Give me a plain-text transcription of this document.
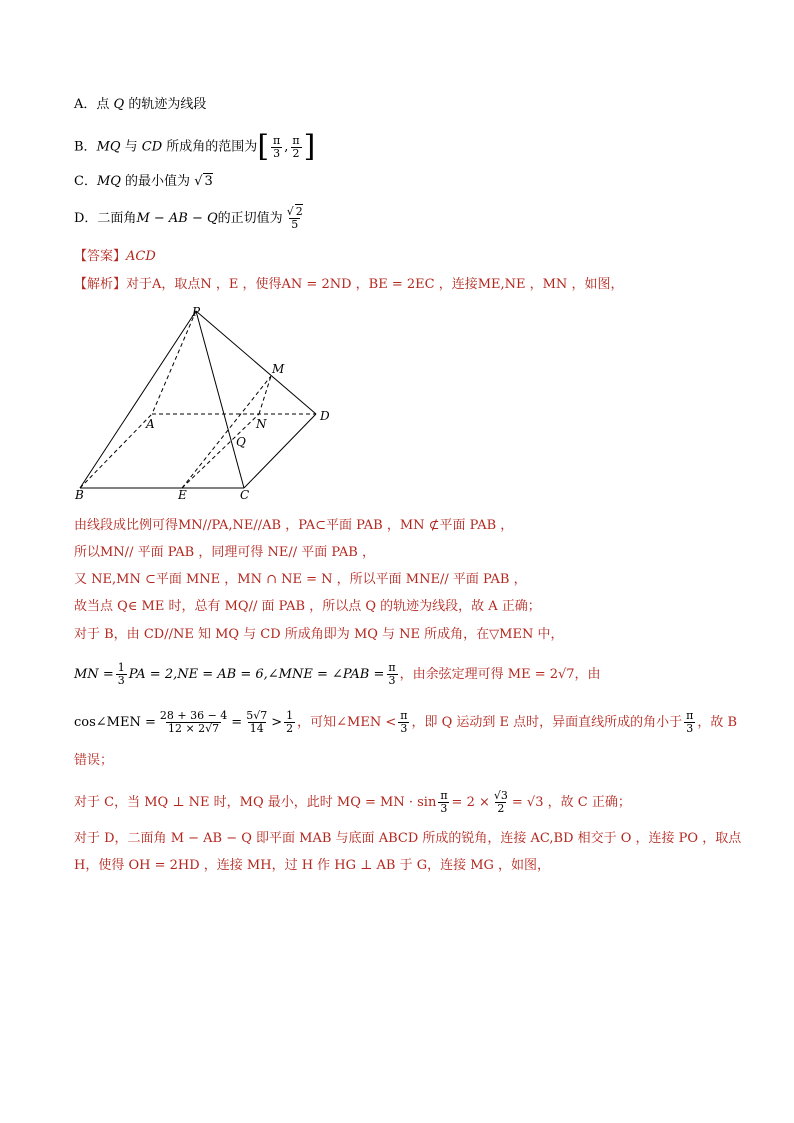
A．点 Q 的轨迹为线段
B．MQ 与 CD 所成角的范围为[ $\frac{\pi}{3}$ , $\frac{\pi}{2}$ ]
C．MQ 的最小值为 √ 3
D．二面角M − AB − Q的正切值为 $\frac{√ 2}{5}$
【答案】ACD
【解析】对于A，取点N ，E ，使得AN = 2ND ，BE = 2EC ，连接ME,NE ，MN ，如图，
P
M
A	N
D
Q
B	E	C
由线段成比例可得MN//PA,NE//AB ，PA⊂平面 PAB ，MN ⊄平面 PAB ，
所以MN// 平面 PAB ，同理可得 NE// 平面 PAB ，
又 NE,MN ⊂平面 MNE ，MN ∩ NE = N ，所以平面 MNE// 平面 PAB ，
故当点 Q∈ ME 时，总有 MQ// 面 PAB ，所以点 Q 的轨迹为线段，故 A 正确；
对于 B，由 CD//NE 知 MQ 与 CD 所成角即为 MQ 与 NE 所成角，在▽MEN 中，
MN = $\frac{1}{3}$ PA = 2,NE = AB = 6,∠MNE = ∠PAB = $\frac{\pi}{3}$ ，由余弦定理可得 ME = 2√7，由
cos∠MEN = $\frac{28 + 36 - 4}{12 \times 2√7} = \frac{5√7}{14} > \frac{1}{2}$ ，可知∠MEN < $\frac{\pi}{3}$ ，即 Q 运动到 E 点时，异面直线所成的角小于 $\frac{\pi}{3}$ ，故 B
错误；
对于 C，当 MQ ⊥ NE 时，MQ 最小，此时 MQ = MN · $\sin \frac{\pi}{3} = 2 \times \frac{√3}{2} = √3$ ，故 C 正确；
对于 D，二面角 M − AB − Q 即平面 MAB 与底面 ABCD 所成的锐角，连接 AC,BD 相交于 O ，连接 PO ，取点
H，使得 OH = 2HD ，连接 MH，过 H 作 HG ⊥ AB 于 G，连接 MG ，如图，
